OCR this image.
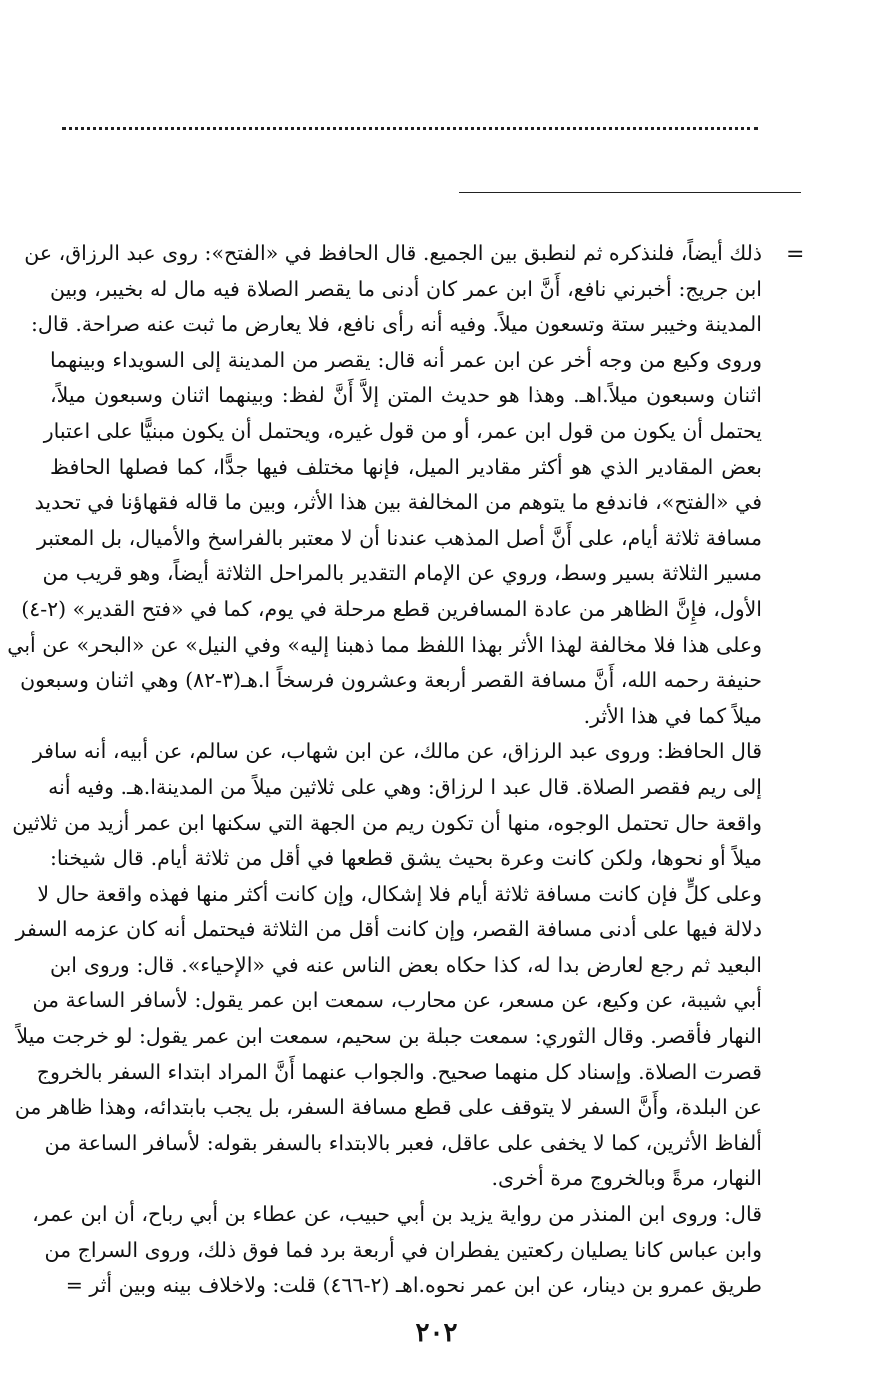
=
ذلك أيضاً، فلنذكره ثم لنطبق بين الجميع. قال الحافظ في «الفتح»: روى عبد الرزاق، عن
ابن جريج: أخبرني نافع، أَنَّ ابن عمر كان أدنى ما يقصر الصلاة فيه مال له بخيبر، وبين
المدينة وخيبر ستة وتسعون ميلاً. وفيه أنه رأى نافع، فلا يعارض ما ثبت عنه صراحة. قال:
وروى وكيع من وجه أخر عن ابن عمر أنه قال: يقصر من المدينة إلى السويداء وبينهما
اثنان وسبعون ميلاً.اهـ. وهذا هو حديث المتن إلاَّ أَنَّ لفظ: وبينهما اثنان وسبعون ميلاً،
يحتمل أن يكون من قول ابن عمر، أو من قول غيره، ويحتمل أن يكون مبنيًّا على اعتبار
بعض المقادير الذي هو أكثر مقادير الميل، فإنها مختلف فيها جدًّا، كما فصلها الحافظ
في «الفتح»، فاندفع ما يتوهم من المخالفة بين هذا الأثر، وبين ما قاله فقهاؤنا في تحديد
مسافة ثلاثة أيام، على أَنَّ أصل المذهب عندنا أن لا معتبر بالفراسخ والأميال، بل المعتبر
مسير الثلاثة بسير وسط، وروي عن الإمام التقدير بالمراحل الثلاثة أيضاً، وهو قريب من
الأول، فإِنَّ الظاهر من عادة المسافرين قطع مرحلة في يوم، كما في «فتح القدير» (٢-٤)
وعلى هذا فلا مخالفة لهذا الأثر بهذا اللفظ مما ذهبنا إليه» وفي النيل» عن «البحر» عن أبي
حنيفة رحمه الله، أَنَّ مسافة القصر أربعة وعشرون فرسخاً ا.هـ(٣-٨٢) وهي اثنان وسبعون
ميلاً كما في هذا الأثر.
قال الحافظ: وروى عبد الرزاق، عن مالك، عن ابن شهاب، عن سالم، عن أبيه، أنه سافر
إلى ريم فقصر الصلاة. قال عبد ا لرزاق: وهي على ثلاثين ميلاً من المدينةا.هـ. وفيه أنه
واقعة حال تحتمل الوجوه، منها أن تكون ريم من الجهة التي سكنها ابن عمر أزيد من ثلاثين
ميلاً أو نحوها، ولكن كانت وعرة بحيث يشق قطعها في أقل من ثلاثة أيام. قال شيخنا:
وعلى كلٍّ فإن كانت مسافة ثلاثة أيام فلا إشكال، وإن كانت أكثر منها فهذه واقعة حال لا
دلالة فيها على أدنى مسافة القصر، وإن كانت أقل من الثلاثة فيحتمل أنه كان عزمه السفر
البعيد ثم رجع لعارض بدا له، كذا حكاه بعض الناس عنه في «الإحياء». قال: وروى ابن
أبي شيبة، عن وكيع، عن مسعر، عن محارب، سمعت ابن عمر يقول: لأسافر الساعة من
النهار فأقصر. وقال الثوري: سمعت جبلة بن سحيم، سمعت ابن عمر يقول: لو خرجت ميلاً
قصرت الصلاة. وإسناد كل منهما صحيح. والجواب عنهما أَنَّ المراد ابتداء السفر بالخروج
عن البلدة، وأَنَّ السفر لا يتوقف على قطع مسافة السفر، بل يجب بابتدائه، وهذا ظاهر من
ألفاظ الأثرين، كما لا يخفى على عاقل، فعبر بالابتداء بالسفر بقوله: لأسافر الساعة من
النهار، مرةً وبالخروج مرة أخرى.
قال: وروى ابن المنذر من رواية يزيد بن أبي حبيب، عن عطاء بن أبي رباح، أن ابن عمر،
وابن عباس كانا يصليان ركعتين يفطران في أربعة برد فما فوق ذلك، وروى السراج من
طريق عمرو بن دينار، عن ابن عمر نحوه.اهـ (٢-٤٦٦) قلت: ولاخلاف بينه وبين أثر =
٢٠٢
